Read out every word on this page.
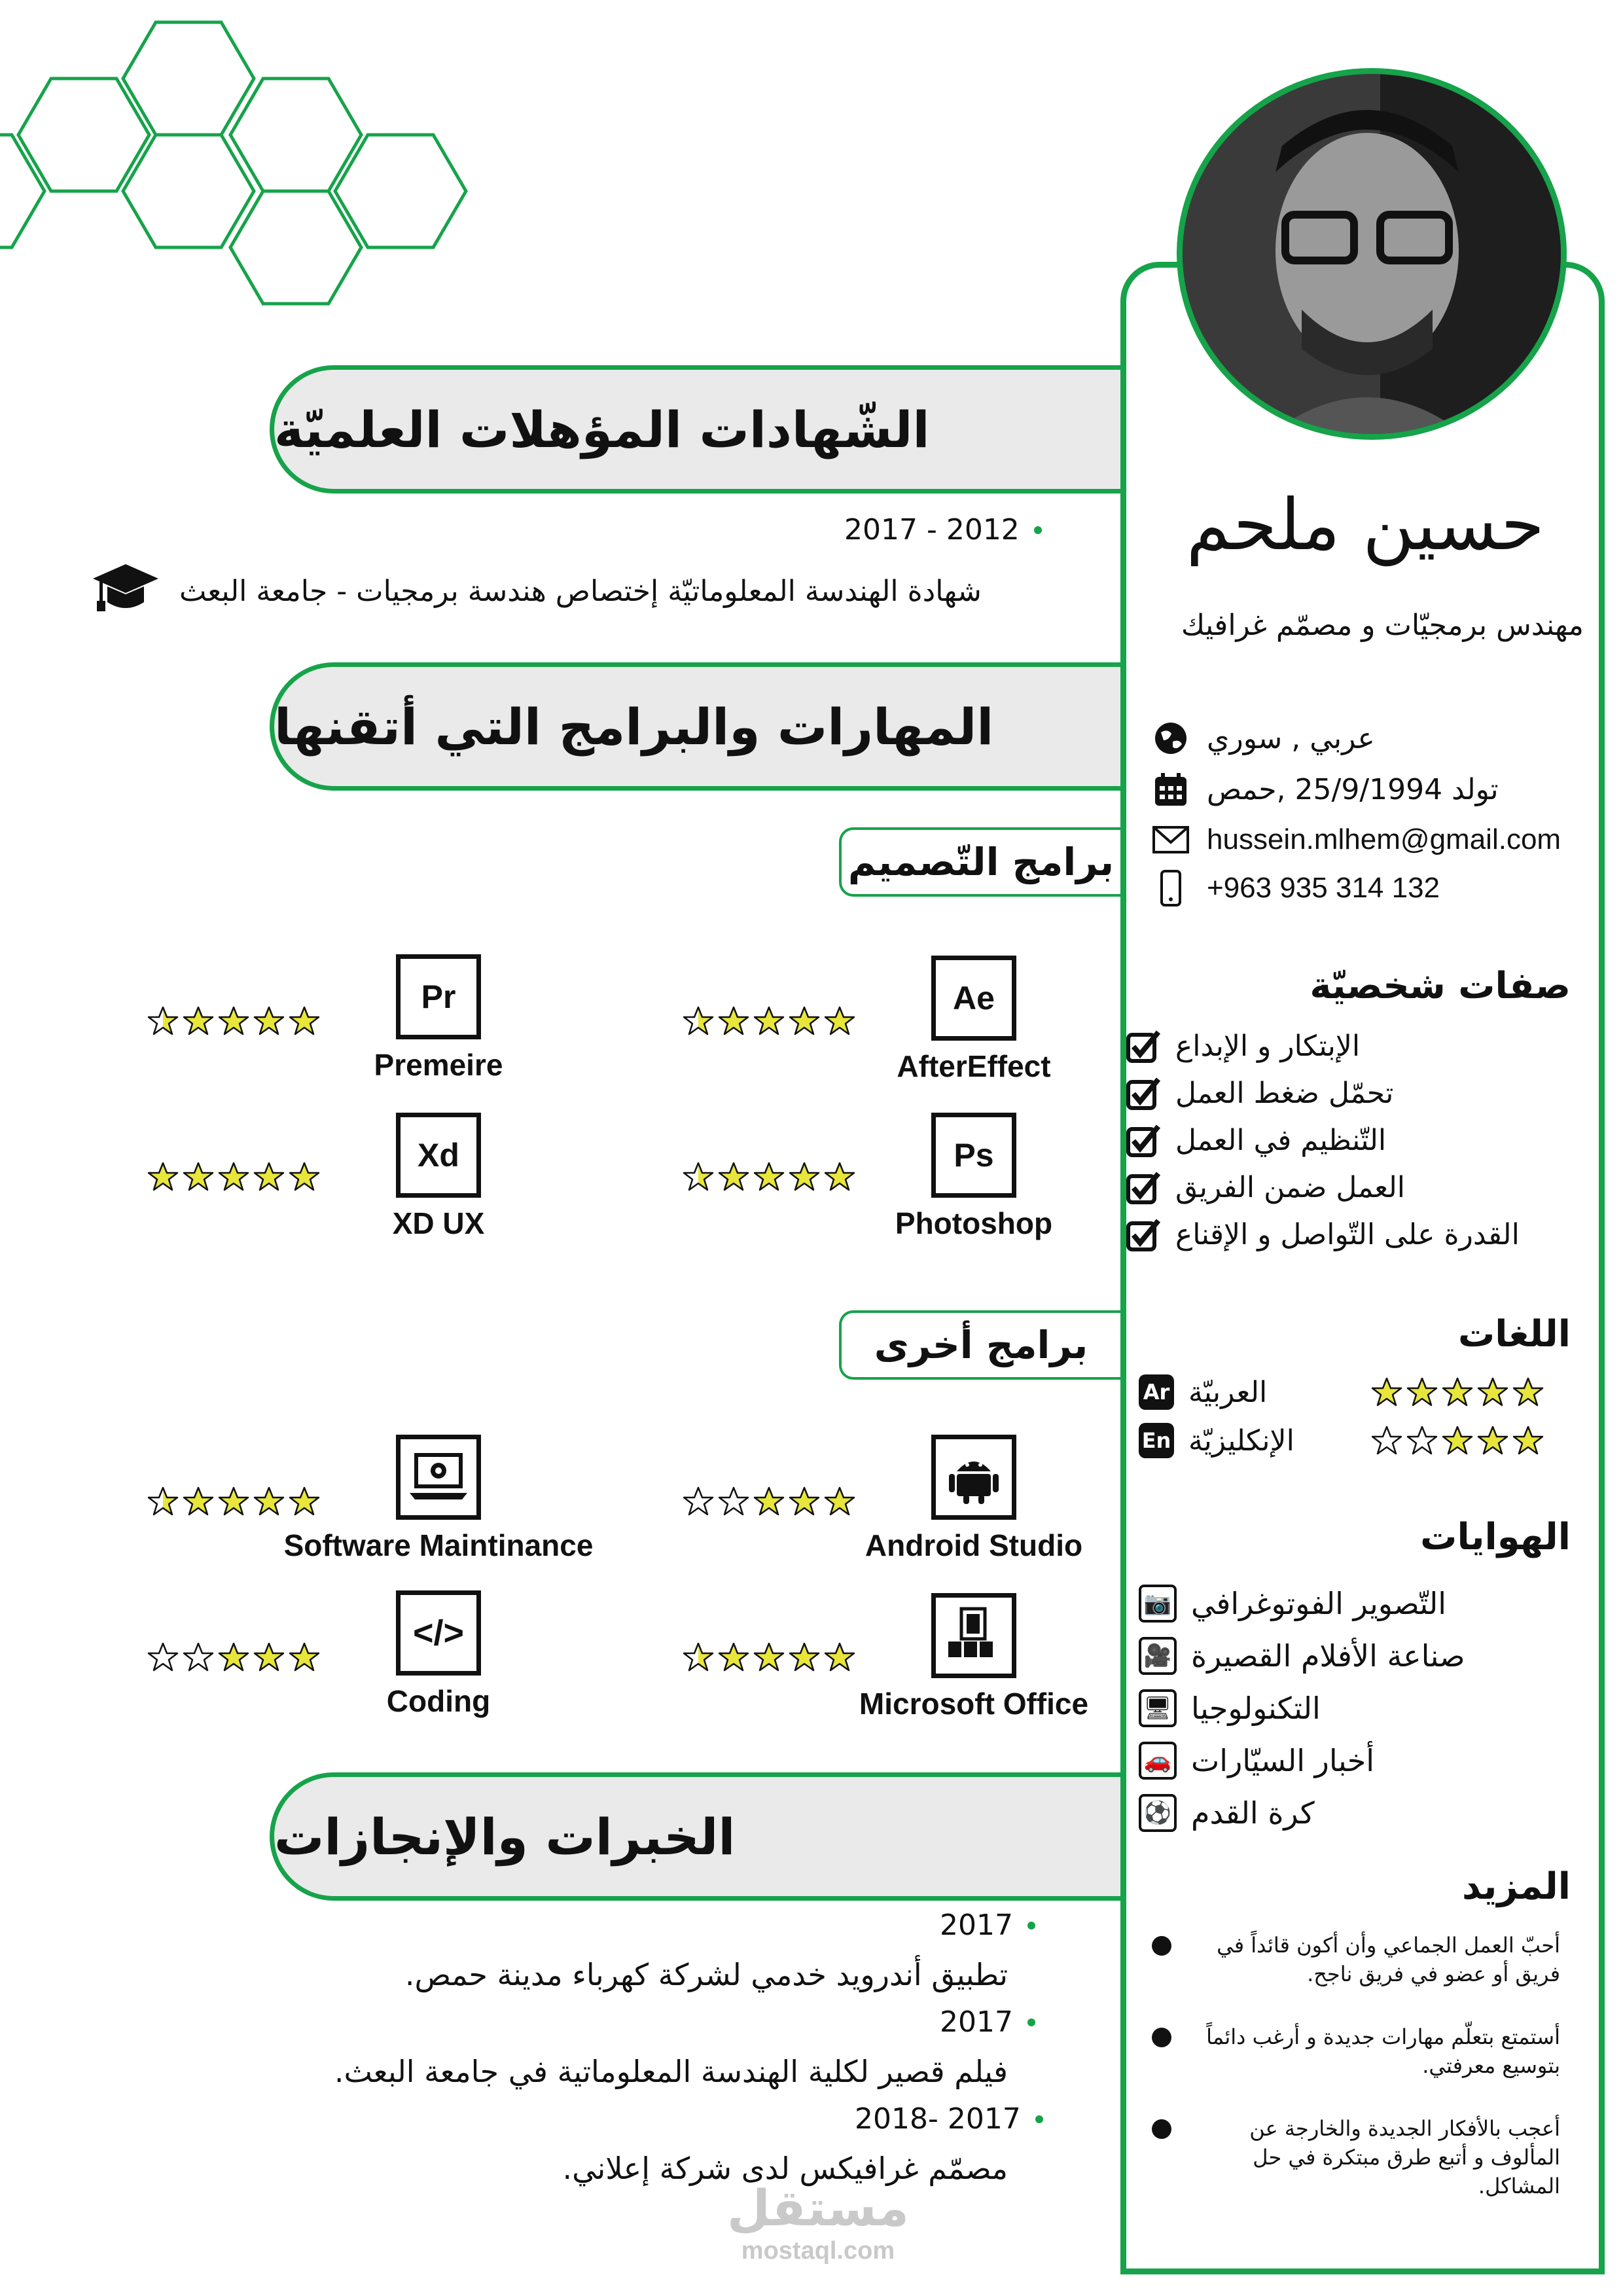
حسين ملحم
مهندس برمجيّات و مصمّم غرافيك
عربي , سوري
تولد 25/9/1994 ,حمص
hussein.mlhem@gmail.com
+963 935 314 132
صفات شخصيّة
الإبتكار و الإبداع
تحمّل ضغط العمل
التّنظيم في العمل
العمل ضمن الفريق
القدرة على التّواصل و الإقناع
اللغات
العربيّة
Ar
الإنكليزيّة
En
الهوايات
التّصوير الفوتوغرافي
📷
صناعة الأفلام القصيرة
🎥
التكنولوجيا
🖥
أخبار السيّارات
🚗
كرة القدم
⚽
المزيد

أحبّ العمل الجماعي وأن أكون قائداً في فريق أو عضو في فريق ناجح.

أستمتع بتعلّم مهارات جديدة و أرغب دائماً بتوسيع معرفتي.

أعجب بالأفكار الجديدة والخارجة عن المألوف و أتبع طرق مبتكرة في حل المشاكل.

الشّهادات المؤهلات العلميّة
2017 - 2012
شهادة الهندسة المعلوماتيّة إختصاص هندسة برمجيات - جامعة البعث
المهارات والبرامج التي أتقنها
برامج التّصميم
Ae
AfterEffect
Pr
Premeire
Ps
Photoshop
Xd
XD UX
برامج أخرى
Android Studio
Software Maintinance
Microsoft Office
</>
Coding
الخبرات والإنجازات
2017
تطبيق أندرويد خدمي لشركة كهرباء مدينة حمص.
2017
فيلم قصير لكلية الهندسة المعلوماتية في جامعة البعث.
2018- 2017
مصمّم غرافيكس لدى شركة إعلاني.
مستقل
mostaql.com
